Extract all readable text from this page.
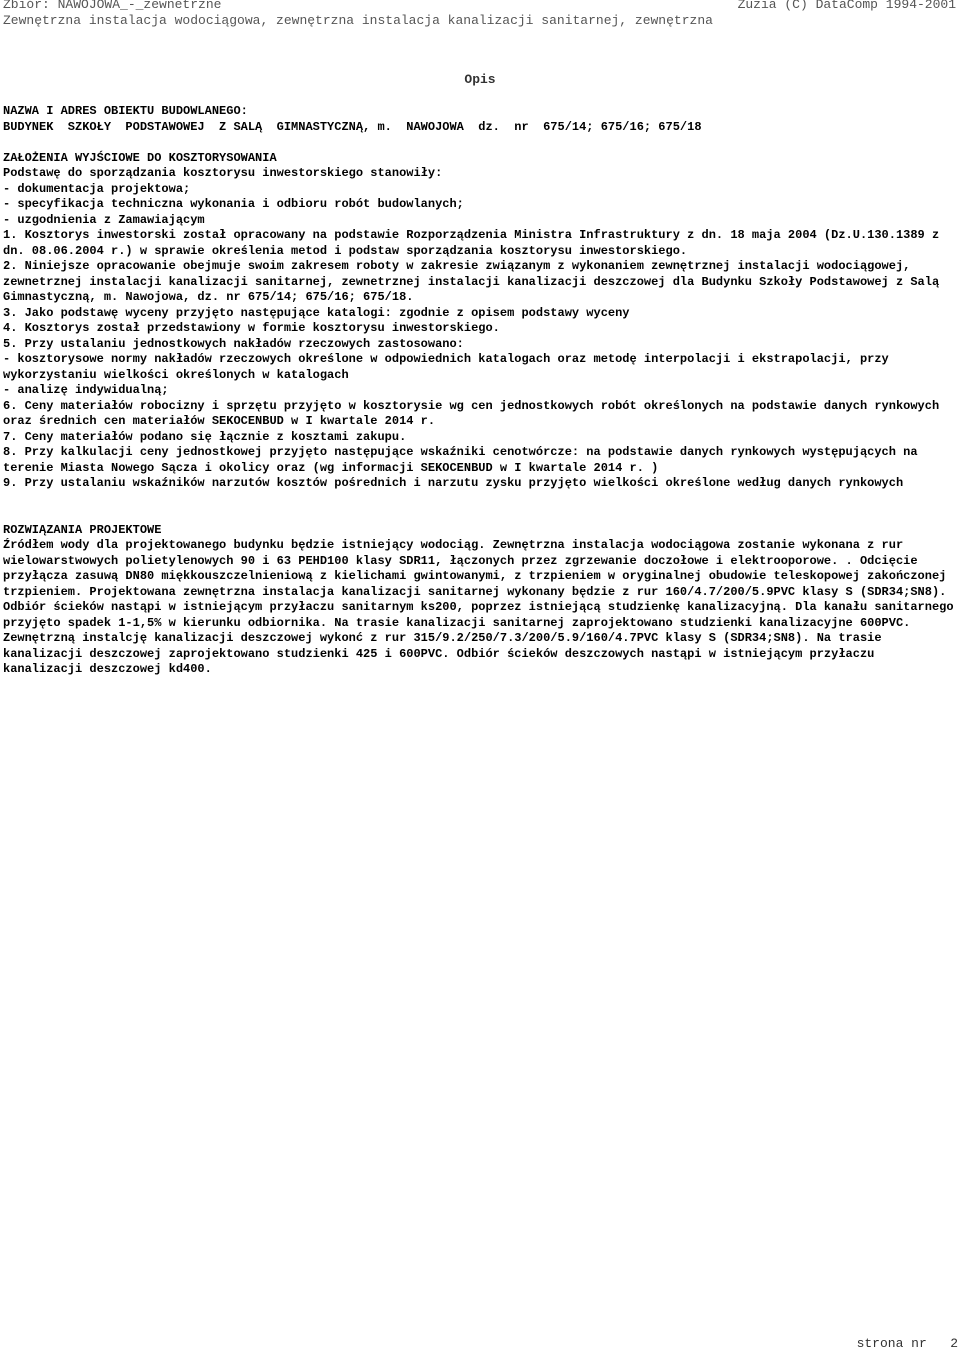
Zbiór: NAWOJOWA_-_zewnetrzne	Zuzia (C) DataComp 1994-2001
Zewnętrzna instalacja wodociągowa, zewnętrzna instalacja kanalizacji sanitarnej, zewnętrzna
Opis

NAZWA I ADRES OBIEKTU BUDOWLANEGO:

BUDYNEK  SZKOŁY  PODSTAWOWEJ  Z SALĄ  GIMNASTYCZNĄ, m.  NAWOJOWA  dz.  nr  675/14; 675/16; 675/18

ZAŁOŻENIA WYJŚCIOWE DO KOSZTORYSOWANIA

Podstawę do sporządzania kosztorysu inwestorskiego stanowiły:

- dokumentacja projektowa;

- specyfikacja techniczna wykonania i odbioru robót budowlanych;

- uzgodnienia z Zamawiającym

1. Kosztorys inwestorski został opracowany na podstawie Rozporządzenia Ministra Infrastruktury z dn. 18 maja 2004 (Dz.U.130.1389 z dn. 08.06.2004 r.) w sprawie określenia metod i podstaw sporządzania kosztorysu inwestorskiego.

2. Niniejsze opracowanie obejmuje swoim zakresem roboty w zakresie związanym z wykonaniem zewnętrznej instalacji wodociągowej, zewnetrznej instalacji kanalizacji sanitarnej, zewnetrznej instalacji kanalizacji deszczowej dla Budynku Szkoły Podstawowej z Salą Gimnastyczną, m. Nawojowa, dz. nr 675/14; 675/16; 675/18.

3. Jako podstawę wyceny przyjęto następujące katalogi: zgodnie z opisem podstawy wyceny

4. Kosztorys został przedstawiony w formie kosztorysu inwestorskiego.

5. Przy ustalaniu jednostkowych nakładów rzeczowych zastosowano:

- kosztorysowe normy nakładów rzeczowych określone w odpowiednich katalogach oraz metodę interpolacji i ekstrapolacji, przy wykorzystaniu wielkości określonych w katalogach

- analizę indywidualną;

6. Ceny materiałów robocizny i sprzętu przyjęto w kosztorysie wg cen jednostkowych robót określonych na podstawie danych rynkowych oraz średnich cen materiałów SEKOCENBUD w I kwartale 2014 r.

7. Ceny materiałów podano się łącznie z kosztami zakupu.

8. Przy kalkulacji ceny jednostkowej przyjęto następujące wskaźniki cenotwórcze: na podstawie danych rynkowych występujących na terenie Miasta Nowego Sącza i okolicy oraz (wg informacji SEKOCENBUD w I kwartale 2014 r. )

9. Przy ustalaniu wskaźników narzutów kosztów pośrednich i narzutu zysku przyjęto wielkości określone według danych rynkowych

ROZWIĄZANIA PROJEKTOWE

Źródłem wody dla projektowanego budynku będzie istniejący wodociąg. Zewnętrzna instalacja wodociągowa zostanie wykonana z rur wielowarstwowych polietylenowych 90 i 63 PEHD100 klasy SDR11, łączonych przez zgrzewanie doczołowe i elektrooporowe. . Odcięcie przyłącza zasuwą DN80 miękkouszczelnieniową z kielichami gwintowanymi, z trzpieniem w oryginalnej obudowie teleskopowej zakończonej trzpieniem. Projektowana zewnętrzna instalacja kanalizacji sanitarnej wykonany będzie z rur 160/4.7/200/5.9PVC klasy S (SDR34;SN8). Odbiór ścieków nastąpi w istniejącym przyłaczu sanitarnym ks200, poprzez istniejącą studzienkę kanalizacyjną. Dla kanału sanitarnego przyjęto spadek 1-1,5% w kierunku odbiornika. Na trasie kanalizacji sanitarnej zaprojektowano studzienki kanalizacyjne 600PVC. Zewnętrzną instalcję kanalizacji deszczowej wykonć z rur 315/9.2/250/7.3/200/5.9/160/4.7PVC klasy S (SDR34;SN8). Na trasie kanalizacji deszczowej zaprojektowano studzienki 425 i 600PVC. Odbiór ścieków deszczowych nastąpi w istniejącym przyłaczu kanalizacji deszczowej kd400.

strona nr   2
